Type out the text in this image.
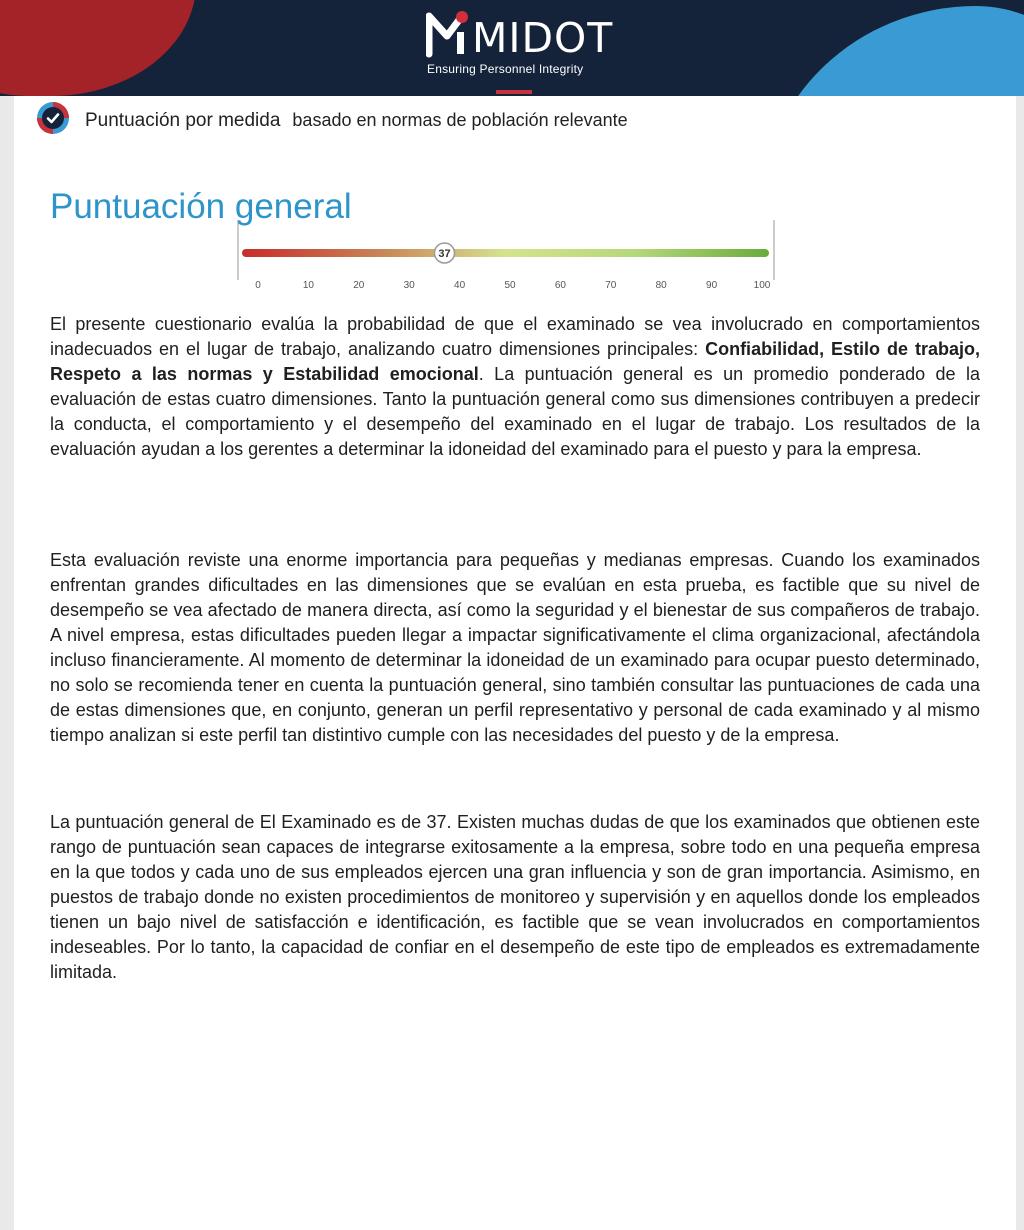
MIDOT
Ensuring Personnel Integrity
Puntuación por medida basado en normas de población relevante
Puntuación general
0	10	20	30	40	50	60	70	80	90	100
37

El presente cuestionario evalúa la probabilidad de que el examinado se vea involucrado en comportamientos inadecuados en el lugar de trabajo, analizando cuatro dimensiones principales: Confiabilidad, Estilo de trabajo, Respeto a las normas y Estabilidad emocional. La puntuación general es un promedio ponderado de la evaluación de estas cuatro dimensiones. Tanto la puntuación general como sus dimensiones contribuyen a predecir la conducta, el comportamiento y el desempeño del examinado en el lugar de trabajo. Los resultados de la evaluación ayudan a los gerentes a determinar la idoneidad del examinado para el puesto y para la empresa.

Esta evaluación reviste una enorme importancia para pequeñas y medianas empresas. Cuando los examinados enfrentan grandes dificultades en las dimensiones que se evalúan en esta prueba, es factible que su nivel de desempeño se vea afectado de manera directa, así como la seguridad y el bienestar de sus compañeros de trabajo. A nivel empresa, estas dificultades pueden llegar a impactar significativamente el clima organizacional, afectándola incluso financieramente. Al momento de determinar la idoneidad de un examinado para ocupar puesto determinado, no solo se recomienda tener en cuenta la puntuación general, sino también consultar las puntuaciones de cada una de estas dimensiones que, en conjunto, generan un perfil representativo y personal de cada examinado y al mismo tiempo analizan si este perfil tan distintivo cumple con las necesidades del puesto y de la empresa.

La puntuación general de El Examinado es de 37. Existen muchas dudas de que los examinados que obtienen este rango de puntuación sean capaces de integrarse exitosamente a la empresa, sobre todo en una pequeña empresa en la que todos y cada uno de sus empleados ejercen una gran influencia y son de gran importancia. Asimismo, en puestos de trabajo donde no existen procedimientos de monitoreo y supervisión y en aquellos donde los empleados tienen un bajo nivel de satisfacción e identificación, es factible que se vean involucrados en comportamientos indeseables. Por lo tanto, la capacidad de confiar en el desempeño de este tipo de empleados es extremadamente limitada.
